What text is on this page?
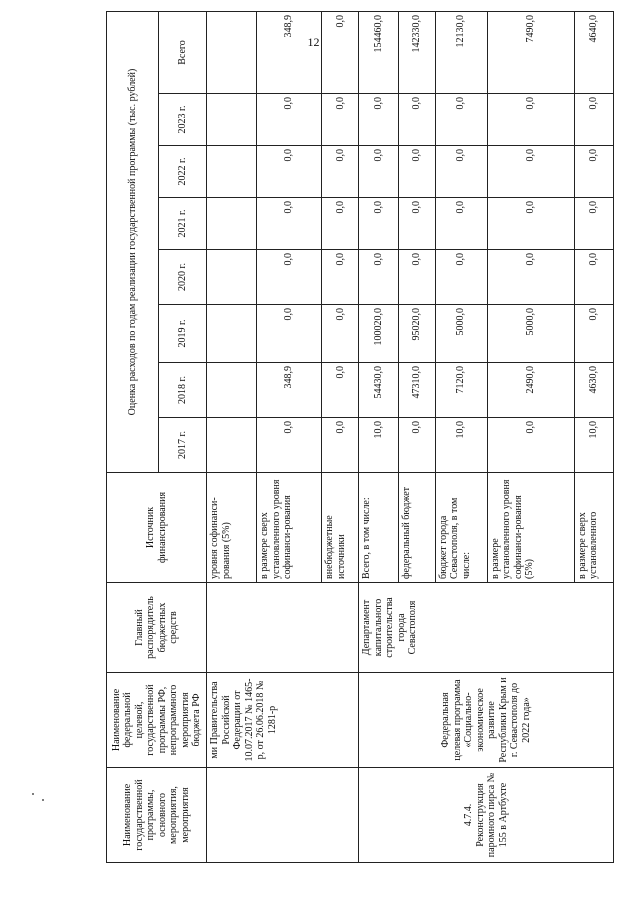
12
Наименование государственной программы, основного мероприятия, мероприятия	Наименование федеральной целевой, государственной программы РФ, непрограммного мероприятия бюджета РФ	Главный распорядитель бюджетных средств	Источник финансирования	Оценка расходов по годам реализации государственной программы (тыс. рублей)							
				2017 г.	2018 г.	2019 г.	2020 г.	2021 г.	2022 г.	2023 г.	Всего
	ми Правительства Российской Федерации от 10.07.2017 № 1465-р, от 26.06.2018 № 1281-р		уровня софинанси-рования (5%)								
			в размере сверх установленного уровня софинанси-рования	0,0	348,9	0,0	0,0	0,0	0,0	0,0	348,9
			внебюджетные источники	0,0	0,0	0,0	0,0	0,0	0,0	0,0	0,0
4.7.4. Реконструкция паромного пирса № 155 в Артбухте	Федеральная целевая программа «Социально-экономическое развитие Республики Крым и г. Севастополя до 2022 года»	Департамент капитального строительства города Севастополя	Всего, в том числе:	10,0	54430,0	100020,0	0,0	0,0	0,0	0,0	154460,0
			федеральный бюджет	0,0	47310,0	95020,0	0,0	0,0	0,0	0,0	142330,0
			бюджет города Севастополя, в том числе:	10,0	7120,0	5000,0	0,0	0,0	0,0	0,0	12130,0
			в размере установленного уровня софинанси-рования (5%)	0,0	2490,0	5000,0	0,0	0,0	0,0	0,0	7490,0
			в размере сверх установленного	10,0	4630,0	0,0	0,0	0,0	0,0	0,0	4640,0
